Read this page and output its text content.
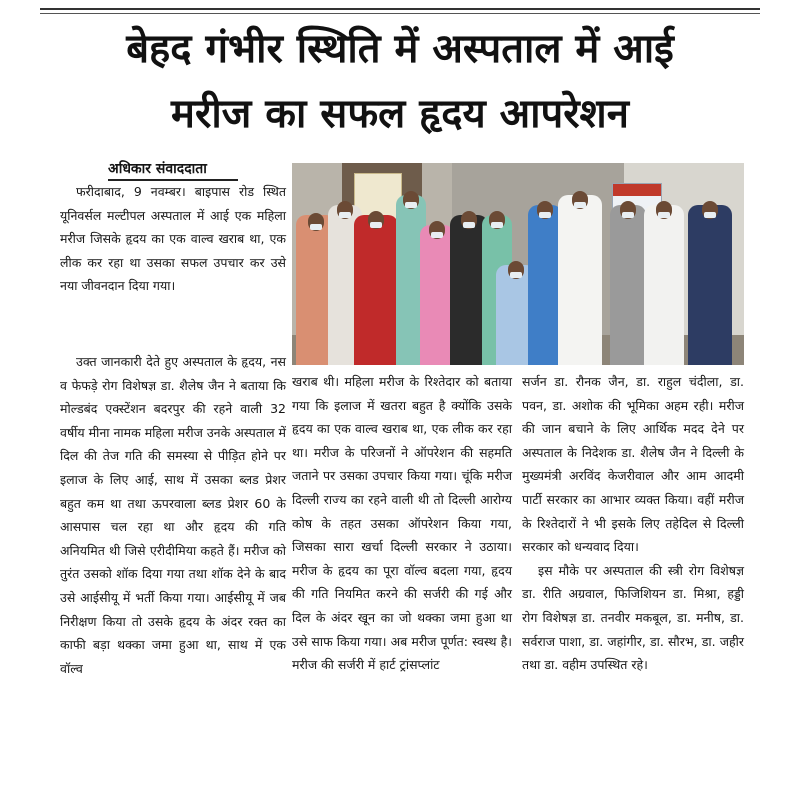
बेहद गंभीर स्थिति में अस्पताल में आई
मरीज का सफल हृदय आपरेशन
अधिकार संवाददाता

फरीदाबाद, 9 नवम्बर। बाइपास रोड स्थित यूनिवर्सल मल्टीपल अस्पताल में आई एक महिला मरीज जिसके हृदय का एक वाल्व खराब था, एक लीक कर रहा था उसका सफल उपचार कर उसे नया जीवनदान दिया गया।

उक्त जानकारी देते हुए अस्पताल के हृदय, नस व फेफड़े रोग विशेषज्ञ डा. शैलेष जैन ने बताया कि मोल्डबंद एक्स्टेंशन बदरपुर की रहने वाली 32 वर्षीय मीना नामक महिला मरीज उनके अस्पताल में दिल की तेज गति की समस्या से पीड़ित होने पर इलाज के लिए आई, साथ में उसका ब्लड प्रेशर बहुत कम था तथा ऊपरवाला ब्लड प्रेशर 60 के आसपास चल रहा था और हृदय की गति अनियमित थी जिसे एरीदीमिया कहते हैं। मरीज को तुरंत उसको शॉक दिया गया तथा शॉक देने के बाद उसे आईसीयू में भर्ती किया गया। आईसीयू में जब निरीक्षण किया तो उसके हृदय के अंदर रक्त का काफी बड़ा थक्का जमा हुआ था, साथ में एक वॉल्व

खराब थी। महिला मरीज के रिश्तेदार को बताया गया कि इलाज में खतरा बहुत है क्योंकि उसके हृदय का एक वाल्व खराब था, एक लीक कर रहा था। मरीज के परिजनों ने ऑपरेशन की सहमति जताने पर उसका उपचार किया गया। चूंकि मरीज दिल्ली राज्य का रहने वाली थी तो दिल्ली आरोग्य कोष के तहत उसका ऑपरेशन किया गया, जिसका सारा खर्चा दिल्ली सरकार ने उठाया। मरीज के हृदय का पूरा वॉल्व बदला गया, हृदय की गति नियमित करने की सर्जरी की गई और दिल के अंदर खून का जो थक्का जमा हुआ था उसे साफ किया गया। अब मरीज पूर्णत: स्वस्थ है। मरीज की सर्जरी में हार्ट ट्रांसप्लांट

सर्जन डा. रौनक जैन, डा. राहुल चंदीला, डा. पवन, डा. अशोक की भूमिका अहम रही। मरीज की जान बचाने के लिए आर्थिक मदद देने पर अस्पताल के निदेशक डा. शैलेष जैन ने दिल्ली के मुख्यमंत्री अरविंद केजरीवाल और आम आदमी पार्टी सरकार का आभार व्यक्त किया। वहीं मरीज के रिश्तेदारों ने भी इसके लिए तहेदिल से दिल्ली सरकार को धन्यवाद दिया।

इस मौके पर अस्पताल की स्त्री रोग विशेषज्ञ डा. रीति अग्रवाल, फिजिशियन डा. मिश्रा, हड्डी रोग विशेषज्ञ डा. तनवीर मकबूल, डा. मनीष, डा. सर्वराज पाशा, डा. जहांगीर, डा. सौरभ, डा. जहीर तथा डा. वहीम उपस्थित रहे।
